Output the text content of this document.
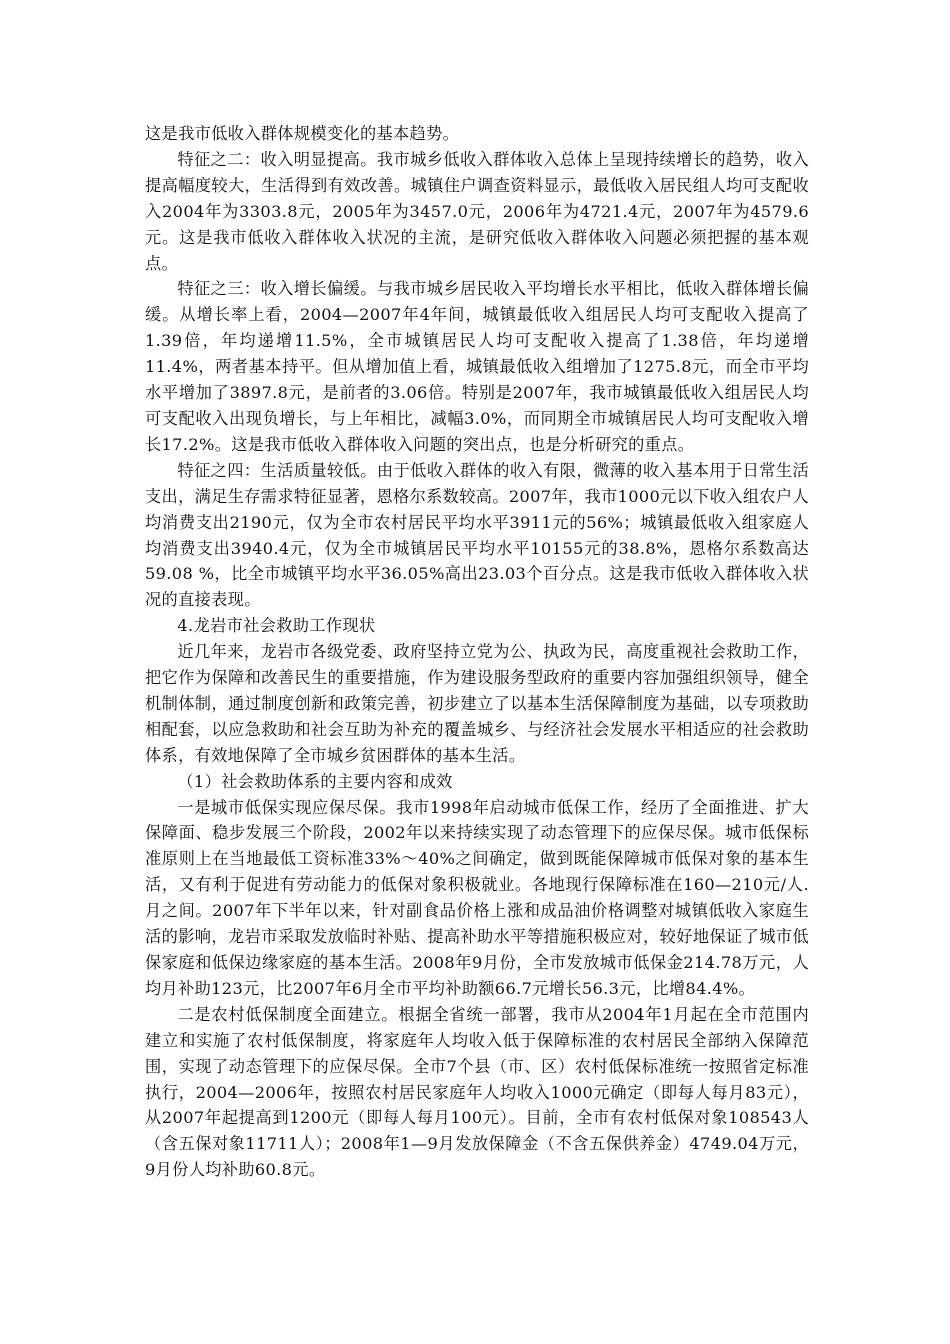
这是我市低收入群体规模变化的基本趋势。

特征之二：收入明显提高。我市城乡低收入群体收入总体上呈现持续增长的趋势，收入提高幅度较大，生活得到有效改善。城镇住户调查资料显示，最低收入居民组人均可支配收入2004年为3303.8元，2005年为3457.0元，2006年为4721.4元，2007年为4579.6元。这是我市低收入群体收入状况的主流，是研究低收入群体收入问题必须把握的基本观点。

特征之三：收入增长偏缓。与我市城乡居民收入平均增长水平相比，低收入群体增长偏缓。从增长率上看，2004—2007年4年间，城镇最低收入组居民人均可支配收入提高了1.39倍，年均递增11.5%，全市城镇居民人均可支配收入提高了1.38倍，年均递增11.4%，两者基本持平。但从增加值上看，城镇最低收入组增加了1275.8元，而全市平均水平增加了3897.8元，是前者的3.06倍。特别是2007年，我市城镇最低收入组居民人均可支配收入出现负增长，与上年相比，减幅3.0%，而同期全市城镇居民人均可支配收入增长17.2%。这是我市低收入群体收入问题的突出点，也是分析研究的重点。

特征之四：生活质量较低。由于低收入群体的收入有限，微薄的收入基本用于日常生活支出，满足生存需求特征显著，恩格尔系数较高。2007年，我市1000元以下收入组农户人均消费支出2190元，仅为全市农村居民平均水平3911元的56%；城镇最低收入组家庭人均消费支出3940.4元，仅为全市城镇居民平均水平10155元的38.8%，恩格尔系数高达59.08 %，比全市城镇平均水平36.05%高出23.03个百分点。这是我市低收入群体收入状况的直接表现。

4.龙岩市社会救助工作现状

近几年来，龙岩市各级党委、政府坚持立党为公、执政为民，高度重视社会救助工作，把它作为保障和改善民生的重要措施，作为建设服务型政府的重要内容加强组织领导，健全机制体制，通过制度创新和政策完善，初步建立了以基本生活保障制度为基础，以专项救助相配套，以应急救助和社会互助为补充的覆盖城乡、与经济社会发展水平相适应的社会救助体系，有效地保障了全市城乡贫困群体的基本生活。

（1）社会救助体系的主要内容和成效

一是城市低保实现应保尽保。我市1998年启动城市低保工作，经历了全面推进、扩大保障面、稳步发展三个阶段，2002年以来持续实现了动态管理下的应保尽保。城市低保标准原则上在当地最低工资标准33%～40%之间确定，做到既能保障城市低保对象的基本生活，又有利于促进有劳动能力的低保对象积极就业。各地现行保障标准在160—210元/人.月之间。2007年下半年以来，针对副食品价格上涨和成品油价格调整对城镇低收入家庭生活的影响，龙岩市采取发放临时补贴、提高补助水平等措施积极应对，较好地保证了城市低保家庭和低保边缘家庭的基本生活。2008年9月份，全市发放城市低保金214.78万元，人均月补助123元，比2007年6月全市平均补助额66.7元增长56.3元，比增84.4%。

二是农村低保制度全面建立。根据全省统一部署，我市从2004年1月起在全市范围内建立和实施了农村低保制度，将家庭年人均收入低于保障标准的农村居民全部纳入保障范围，实现了动态管理下的应保尽保。全市7个县（市、区）农村低保标准统一按照省定标准执行，2004—2006年，按照农村居民家庭年人均收入1000元确定（即每人每月83元），从2007年起提高到1200元（即每人每月100元）。目前，全市有农村低保对象108543人（含五保对象11711人）；2008年1—9月发放保障金（不含五保供养金）4749.04万元，9月份人均补助60.8元。
